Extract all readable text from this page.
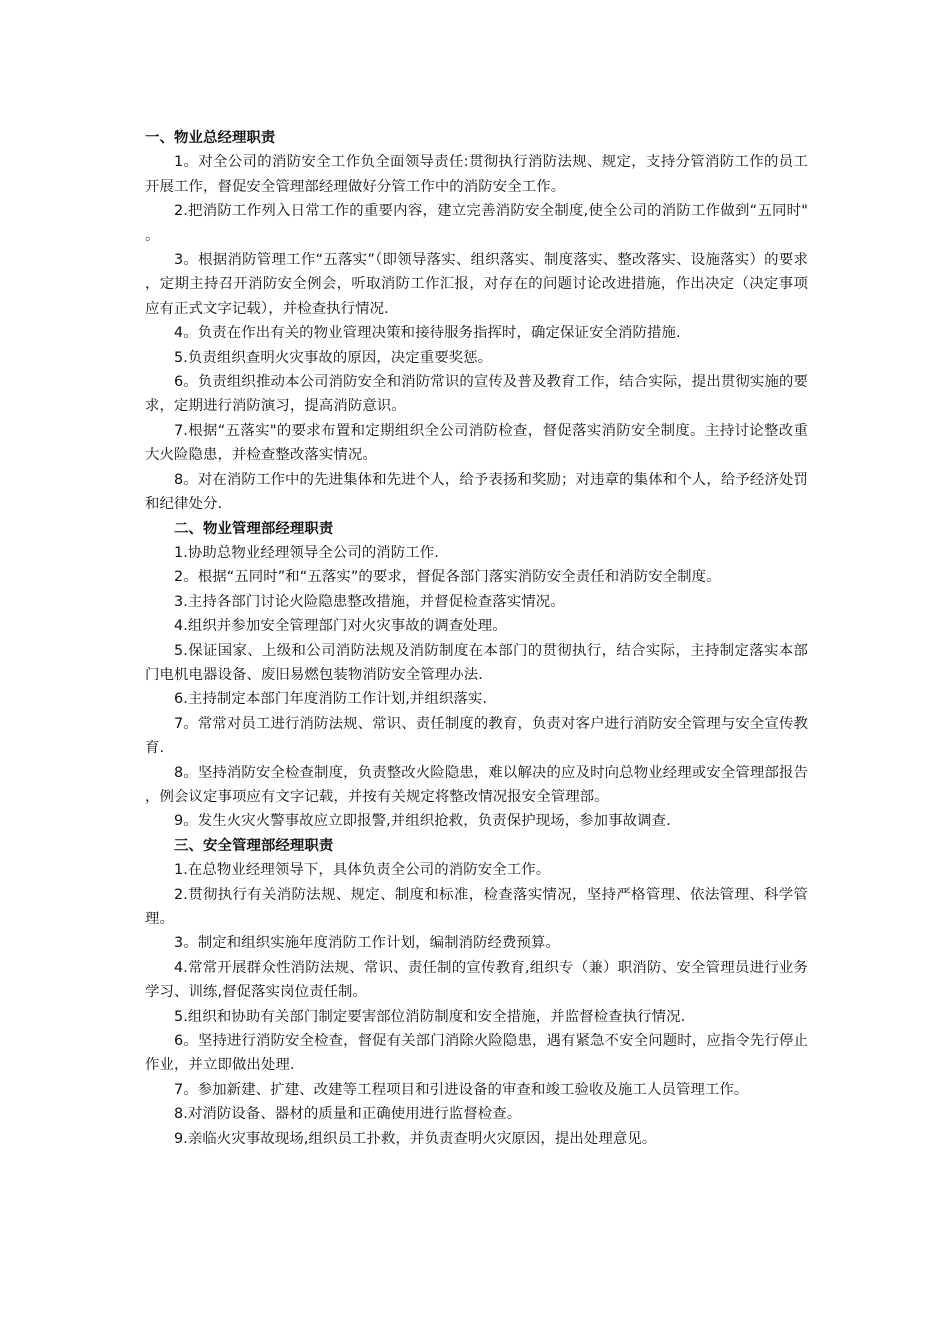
一、物业总经理职责

1。对全公司的消防安全工作负全面领导责任:贯彻执行消防法规、规定，支持分管消防工作的员工开展工作，督促安全管理部经理做好分管工作中的消防安全工作。

2.把消防工作列入日常工作的重要内容，建立完善消防安全制度,使全公司的消防工作做到“五同时"。

3。根据消防管理工作“五落实”（即领导落实、组织落实、制度落实、整改落实、设施落实）的要求，定期主持召开消防安全例会，听取消防工作汇报，对存在的问题讨论改进措施，作出决定（决定事项应有正式文字记载），并检查执行情况.

4。负责在作出有关的物业管理决策和接待服务指挥时，确定保证安全消防措施.

5.负责组织查明火灾事故的原因，决定重要奖惩。

6。负责组织推动本公司消防安全和消防常识的宣传及普及教育工作，结合实际，提出贯彻实施的要求，定期进行消防演习，提高消防意识。

7.根据“五落实"的要求布置和定期组织全公司消防检查，督促落实消防安全制度。主持讨论整改重大火险隐患，并检查整改落实情况。

8。对在消防工作中的先进集体和先进个人，给予表扬和奖励；对违章的集体和个人，给予经济处罚和纪律处分.

二、物业管理部经理职责

1.协助总物业经理领导全公司的消防工作.

2。根据“五同时”和“五落实”的要求，督促各部门落实消防安全责任和消防安全制度。

3.主持各部门讨论火险隐患整改措施，并督促检查落实情况。

4.组织并参加安全管理部门对火灾事故的调查处理。

5.保证国家、上级和公司消防法规及消防制度在本部门的贯彻执行，结合实际，主持制定落实本部门电机电器设备、废旧易燃包装物消防安全管理办法.

6.主持制定本部门年度消防工作计划,并组织落实.

7。常常对员工进行消防法规、常识、责任制度的教育，负责对客户进行消防安全管理与安全宣传教育.

8。坚持消防安全检查制度，负责整改火险隐患，难以解决的应及时向总物业经理或安全管理部报告，例会议定事项应有文字记载，并按有关规定将整改情况报安全管理部。

9。发生火灾火警事故应立即报警,并组织抢救，负责保护现场，参加事故调查.

三、安全管理部经理职责

1.在总物业经理领导下，具体负责全公司的消防安全工作。

2.贯彻执行有关消防法规、规定、制度和标准，检查落实情况，坚持严格管理、依法管理、科学管理。

3。制定和组织实施年度消防工作计划，编制消防经费预算。

4.常常开展群众性消防法规、常识、责任制的宣传教育,组织专（兼）职消防、安全管理员进行业务学习、训练,督促落实岗位责任制。

5.组织和协助有关部门制定要害部位消防制度和安全措施，并监督检查执行情况.

6。坚持进行消防安全检查，督促有关部门消除火险隐患，遇有紧急不安全问题时，应指令先行停止作业，并立即做出处理.

7。参加新建、扩建、改建等工程项目和引进设备的审查和竣工验收及施工人员管理工作。

8.对消防设备、器材的质量和正确使用进行监督检查。

9.亲临火灾事故现场,组织员工扑救，并负责查明火灾原因，提出处理意见。
